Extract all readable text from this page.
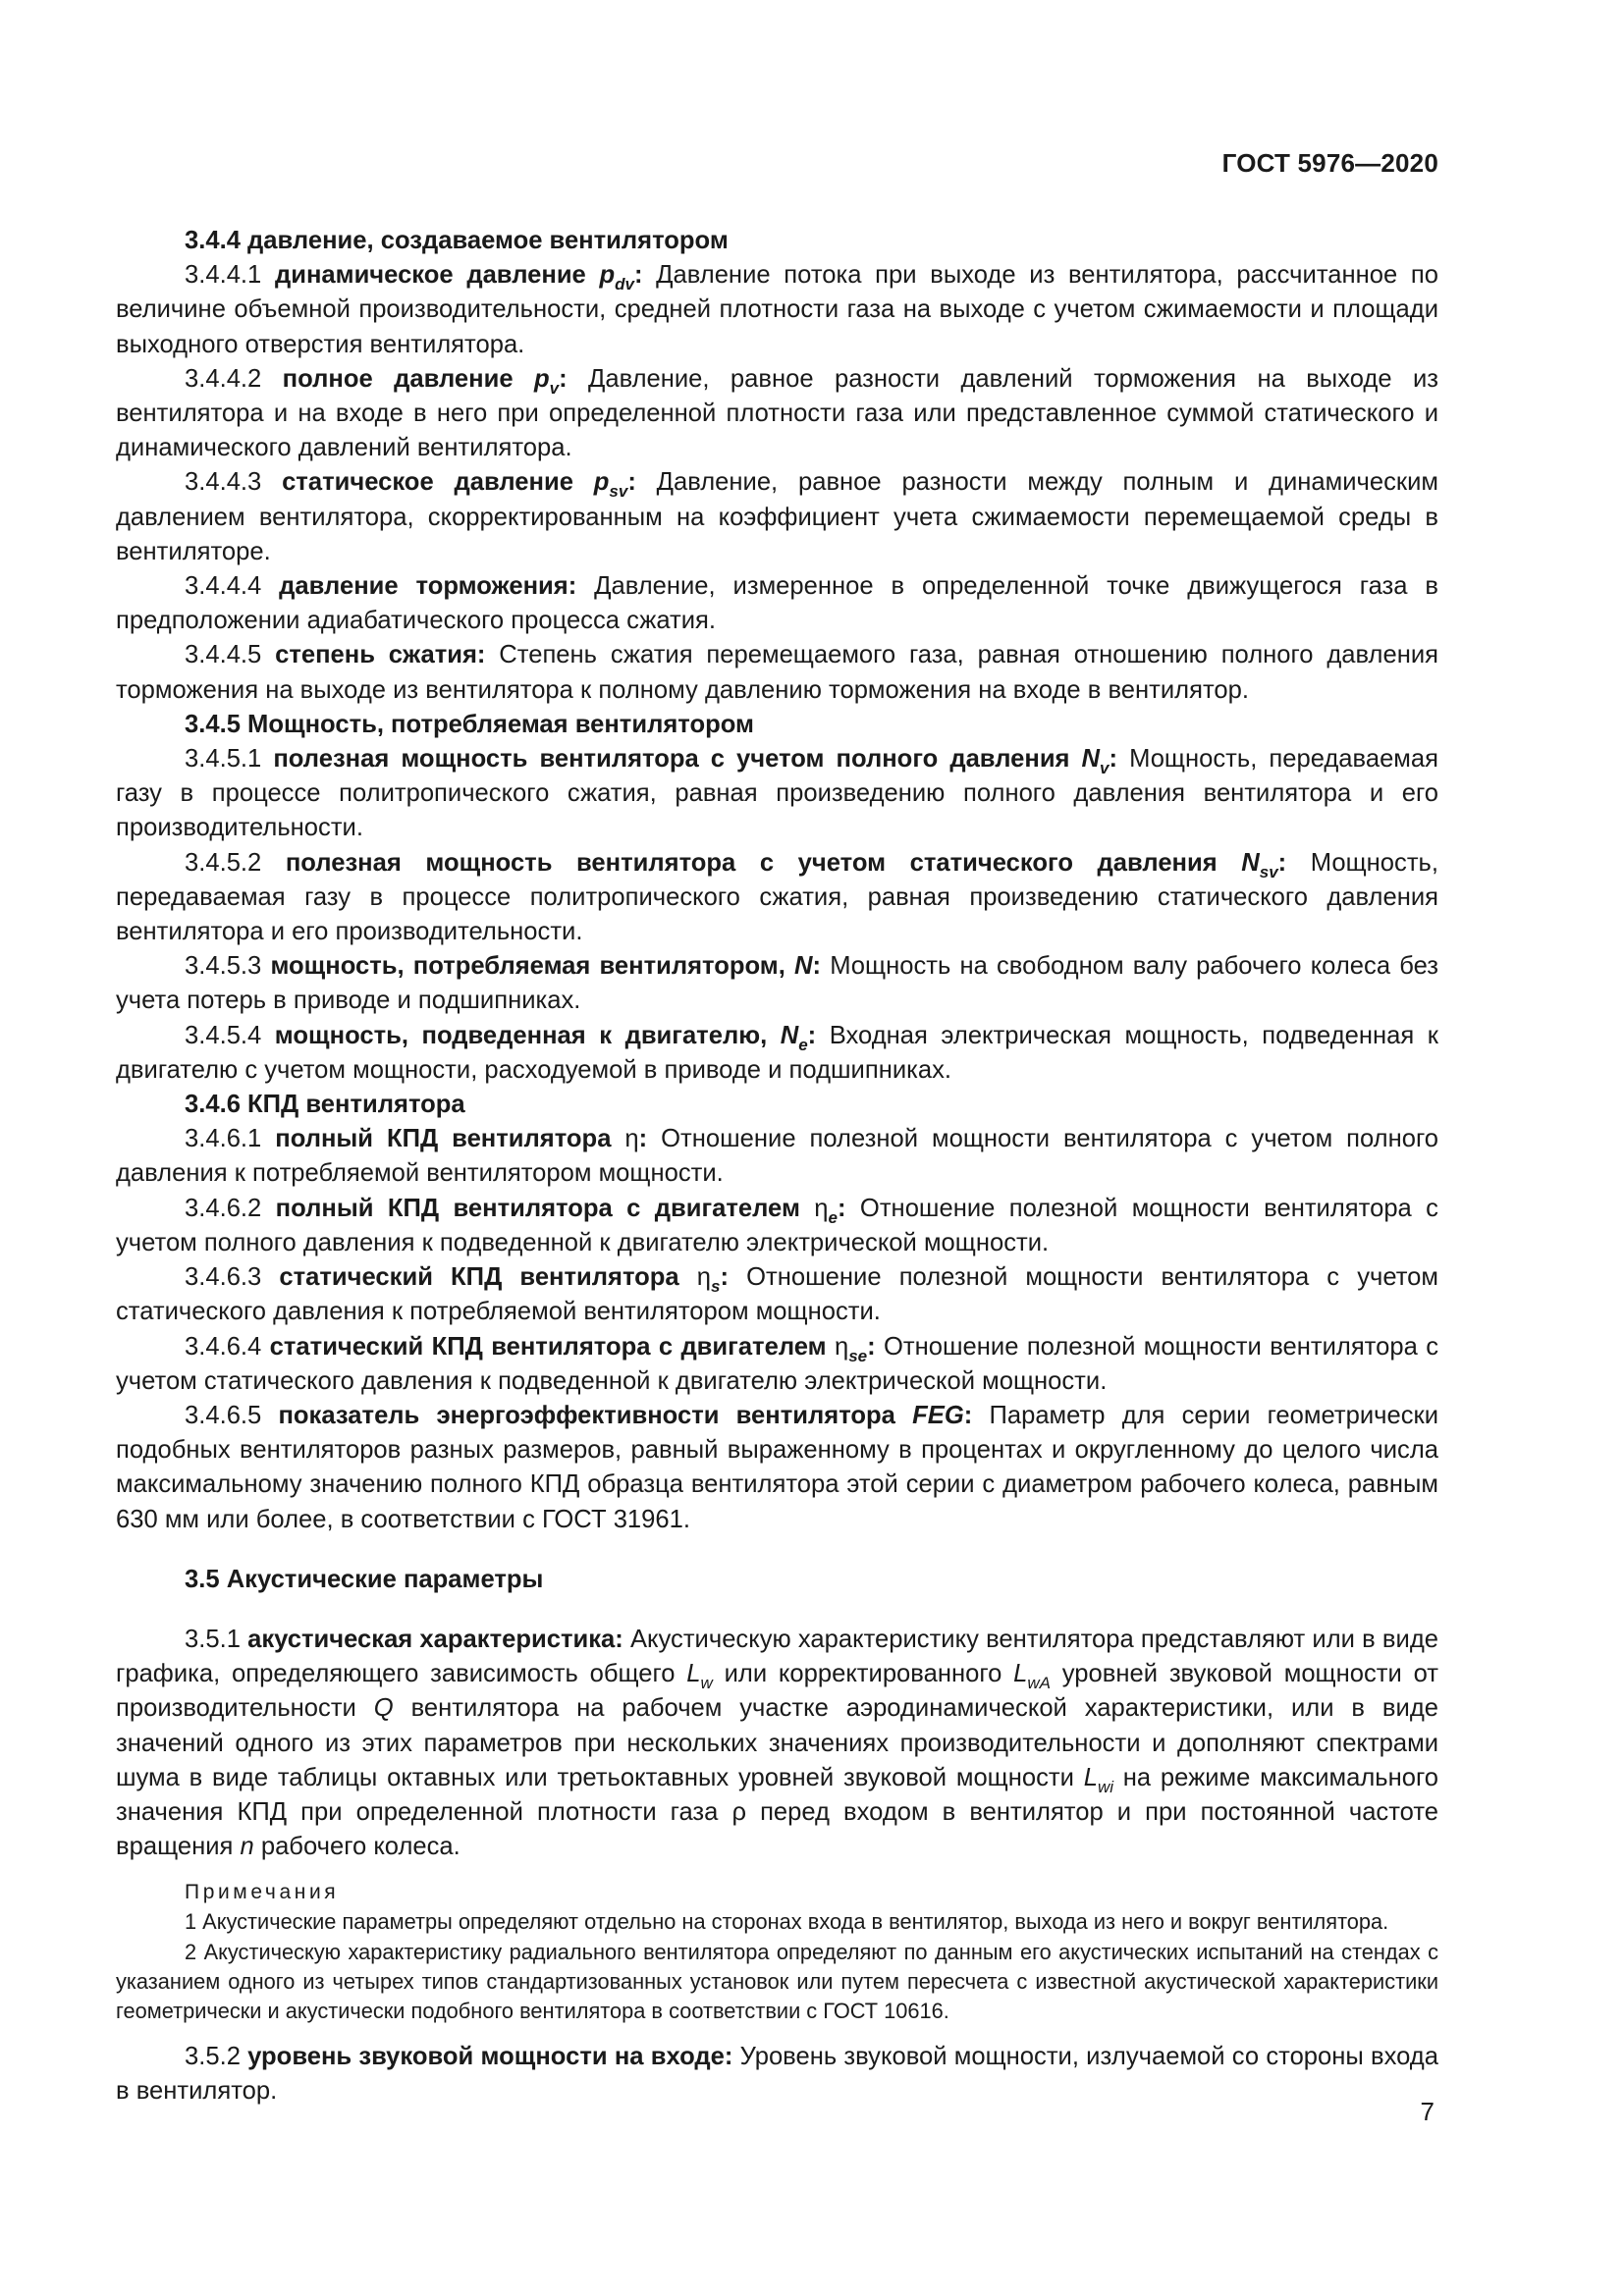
ГОСТ 5976—2020

3.4.4 давление, создаваемое вентилятором

3.4.4.1 динамическое давление $p_{dv}$: Давление потока при выходе из вентилятора, рассчитанное по величине объемной производительности, средней плотности газа на выходе с учетом сжимаемости и площади выходного отверстия вентилятора.

3.4.4.2 полное давление $p_v$: Давление, равное разности давлений торможения на выходе из вентилятора и на входе в него при определенной плотности газа или представленное суммой статического и динамического давлений вентилятора.

3.4.4.3 статическое давление $p_{sv}$: Давление, равное разности между полным и динамическим давлением вентилятора, скорректированным на коэффициент учета сжимаемости перемещаемой среды в вентиляторе.

3.4.4.4 давление торможения: Давление, измеренное в определенной точке движущегося газа в предположении адиабатического процесса сжатия.

3.4.4.5 степень сжатия: Степень сжатия перемещаемого газа, равная отношению полного давления торможения на выходе из вентилятора к полному давлению торможения на входе в вентилятор.

3.4.5 Мощность, потребляемая вентилятором

3.4.5.1 полезная мощность вентилятора с учетом полного давления $N_v$: Мощность, передаваемая газу в процессе политропического сжатия, равная произведению полного давления вентилятора и его производительности.

3.4.5.2 полезная мощность вентилятора с учетом статического давления $N_{sv}$: Мощность, передаваемая газу в процессе политропического сжатия, равная произведению статического давления вентилятора и его производительности.

3.4.5.3 мощность, потребляемая вентилятором, N: Мощность на свободном валу рабочего колеса без учета потерь в приводе и подшипниках.

3.4.5.4 мощность, подведенная к двигателю, $N_e$: Входная электрическая мощность, подведенная к двигателю с учетом мощности, расходуемой в приводе и подшипниках.

3.4.6 КПД вентилятора

3.4.6.1 полный КПД вентилятора η: Отношение полезной мощности вентилятора с учетом полного давления к потребляемой вентилятором мощности.

3.4.6.2 полный КПД вентилятора с двигателем $\eta_e$: Отношение полезной мощности вентилятора с учетом полного давления к подведенной к двигателю электрической мощности.

3.4.6.3 статический КПД вентилятора $\eta_s$: Отношение полезной мощности вентилятора с учетом статического давления к потребляемой вентилятором мощности.

3.4.6.4 статический КПД вентилятора с двигателем $\eta_{se}$: Отношение полезной мощности вентилятора с учетом статического давления к подведенной к двигателю электрической мощности.

3.4.6.5 показатель энергоэффективности вентилятора FEG: Параметр для серии геометрически подобных вентиляторов разных размеров, равный выраженному в процентах и округленному до целого числа максимальному значению полного КПД образца вентилятора этой серии с диаметром рабочего колеса, равным 630 мм или более, в соответствии с ГОСТ 31961.

3.5 Акустические параметры

3.5.1 акустическая характеристика: Акустическую характеристику вентилятора представляют или в виде графика, определяющего зависимость общего $L_w$ или корректированного $L_{wA}$ уровней звуковой мощности от производительности Q вентилятора на рабочем участке аэродинамической характеристики, или в виде значений одного из этих параметров при нескольких значениях производительности и дополняют спектрами шума в виде таблицы октавных или третьоктавных уровней звуковой мощности $L_{wi}$ на режиме максимального значения КПД при определенной плотности газа ρ перед входом в вентилятор и при постоянной частоте вращения n рабочего колеса.

Примечания

1 Акустические параметры определяют отдельно на сторонах входа в вентилятор, выхода из него и вокруг вентилятора.

2 Акустическую характеристику радиального вентилятора определяют по данным его акустических испытаний на стендах с указанием одного из четырех типов стандартизованных установок или путем пересчета с известной акустической характеристики геометрически и акустически подобного вентилятора в соответствии с ГОСТ 10616.

3.5.2 уровень звуковой мощности на входе: Уровень звуковой мощности, излучаемой со стороны входа в вентилятор.

7
